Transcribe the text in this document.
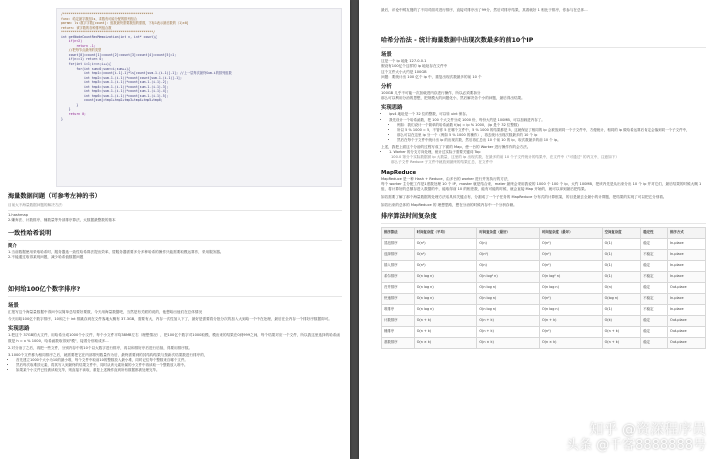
/***********************************************
func: 给定最字数组ls，求数有可能分配的排列组合
param: ls:数字字数[count]: 组数最终需要数组的需数，下标1表示最后数的（1)±0]
return: 该字数的各种排列组合数
************************************************/
int getNodeCountRecMemoization(int n, int* count){
if(n<2)
return -1;
//把每节点最终的类型
count[0]=count[1]=count[2]=count[3]=count[4]=count[5]=1;
if(n==1) return 0;
for(int i=1;i<=n;i++){
for(int sum=0;sum<=i;sum++){
int tmp1=(count[i-1]-1)*ls[count[sum-1-(i-1)]-1]; //上一层每次最终Sum-i的排列组数
int tmp2=(sum-1-(i-1))*count[count[sum-1-(i-1)]-1];
int tmp3=(sum-1-(i-1))*count[sum-1-(i-1)-2];
int tmp4=(sum-1-(i-1))*count[sum-1-(i-1)-3];
int tmp5=(sum-1-(i-1))*count[sum-1-(i-1)-4];
int tmp6=(sum-1-(i-1))*count[sum-1-(i-1)-5];
count[sum]=tmp1+tmp2+tmp3+tmp4+tmp5+tmp6;
}
}
return 0;
}
海量数据问题（可参考左神的书）

目前大不海量数据问题的解决方法：

1.hashmap

2.嫌弃法、计数排序、桶数量等外部排序算法，大数据最整数的基本

一致性哈希说明
简介

1.当前数据使用采取哈希时，服务器选一致性哈希算法提出效率，替服务器需要多分多种哈希的操作只能需要取模运算作，采用服务器。

2.不能通过取得某现问题，减少哈希值数据问题

如何给100亿个数字排序?
场景

汇报写这个海量量数据中得问令以简单总结要好要数，今天用海量数据吧，当然是有关联的说的，他想给出他们在总体情况

今天用给100亿个数字排序，10和之十 int 排跳存到在文件客地大概有 37.3GB，需要有大，内存一次性加入下了，最好是需要将分批分次的加入大到给一个中在处理，最后在全内存一个排好序数据即可。

实现思路

1.把这个 37GB的大文件，用哈希分成1000个小文件，每个小文件平均38MB左右（理想情况），把100亿个数字对1000取模，模出来的结果在0到999之间，每个结果对应一个文件，所以我这里选择的哈希函数是 h = x % 1000，哈希函数取得到"模"，接着分别取成多...

2.对分治了之后，再把一些文件，分别内存中的10个以大数字进行排序，再以和排好序后进行后续，得要用排序数。

3.1000个文件都为相同排序之后，就需要把它在内部排列数量作为后，最终需要到的其结构结果与按新次结果数进行排序的，

• 首先建立1000个大小为10的最小堆，每个文件中取前10的整数放入最小堆，同时记住每个整数来自哪个文件。
• 然后每次取堆顶元素，将其写入到最终的结果文件中，同时从该元素所属的小文件中再读取一个整数放入堆中。
• 如果某个小文件已经被读取完毕，则直接不读取，重复上述操作直到所有数据都被处理完毕。

最后，评论中网友搜的了不同对面对进行排序，直接对排序出了99分，然后对排序结果，其看就好 1 相比于排序，你参与在总体...

哈希分治法 - 统计海量数据中出现次数最多的前10个IP
场景

这是一个 ip 地址 127.0.0.1
假设有100亿个这样的 ip 地址存在文件中
这个文件大小大约是 100GB
问题：要统计出 100 亿个 ip 中，重复出现次数最多的前 10 个

分析

100GB 几乎不可能一次加载进内存进行操作，所以必须要拆分
那么可以利用分治的思想，把规模大的问题化小，然后解决各个小的问题，最后得出结果。

实现思路
• ipv4 地址是一个 32 位的整数，可以转 uint 保存。
• 我先设计一个哈希函数，把 100 个大文件分成 1000 份，每份大约是 100MB，可以加载进内存了。
• 例如：我们设计一个简单的哈希函数 f(ip) = ip % 1000，(ip 是个 32 位整数)
• 所以 5 % 1000 = 5，不管你 5 在哪个文件中，5 % 1000 的结果都是 5，这就保证了相同的 ip 会被放到同一个子文件中，方便统计，相同的 ip 做哈希运算后肯定会落到同一个子文件中，
• 那么可以在这里 ip 分一个（例如 5 % 1000 的操作），再去统计出现次数最多的 10 个 ip
• 然后在每个子文件中统计出 ip 的出现次数，然后再汇总出 10 个前 10 的 ip，取次数最多的前 10 个 ip。

上述，我把上面这个分治的过程写成了下面的 Map，使一台的 Worker 进行操作作的会方法。

• 1. Worker 的分支方向处理，统计过实际子需要关键词 Top

100.0 第分个实际数据被 ip 大数量，这里的 ip 出现次数，在最多的前 10 个子文件统计的结果中，在文件中（"可通过" 的内文中，注意如下）
那么子文件 Reduce 子文件中就放到最终的结果汇总，在文件中

MapReduce

MapReduce 是一种 Hash + Reduce，由多台的 worker 进行并发执行的方法，

每个 worker 主分配工作是1度数处理 10 个 IP，master 就是结合来，mater 最终会采用我说的 1000 个 100 个 ip，大约 100MB，把该内先是从出来分出 10 个 ip 并对它们，最后结果的时候大概 1 组，将计算好的总额存进入数据的中，能取得前 10 的相差数，能有可能的时候，就会直接 Map 开始的，就可以拿到最后把结果。

如若需要了解了那个海量数据的处理方法话具体关键点有，分割成了一个子任务的 MapReduce 分布式的计算框架，的目是最去全最小的计算题，把结果的实现了可以把它分别看。

如若出来的总体的 MapReduce 的 理想思路，想在分治的时候内存中一个分析存储。

排序算法时间复杂度
排序算法	时间复杂度（平均）	时间复杂度（最好）	时间复杂度（最坏）	空间复杂度	稳定性	排序方式
冒泡排序	O(n²)	O(n)	O(n²)	O(1)	稳定	In-place
选择排序	O(n²)	O(n²)	O(n²)	O(1)	不稳定	In-place
插入排序	O(n²)	O(n)	O(n²)	O(1)	稳定	In-place
希尔排序	O(n log n)	O(n log² n)	O(n log² n)	O(1)	不稳定	In-place
归并排序	O(n log n)	O(n log n)	O(n log n)	O(n)	稳定	Out-place
快速排序	O(n log n)	O(n log n)	O(n²)	O(log n)	不稳定	In-place
堆排序	O(n log n)	O(n log n)	O(n log n)	O(1)	不稳定	In-place
计数排序	O(n + k)	O(n + k)	O(n + k)	O(k)	稳定	Out-place
桶排序	O(n + k)	O(n + k)	O(n²)	O(n + k)	稳定	Out-place
基数排序	O(n × k)	O(n × k)	O(n × k)	O(n + k)	稳定	Out-place
知乎 @资深程序员
头条 @千客8888888号
